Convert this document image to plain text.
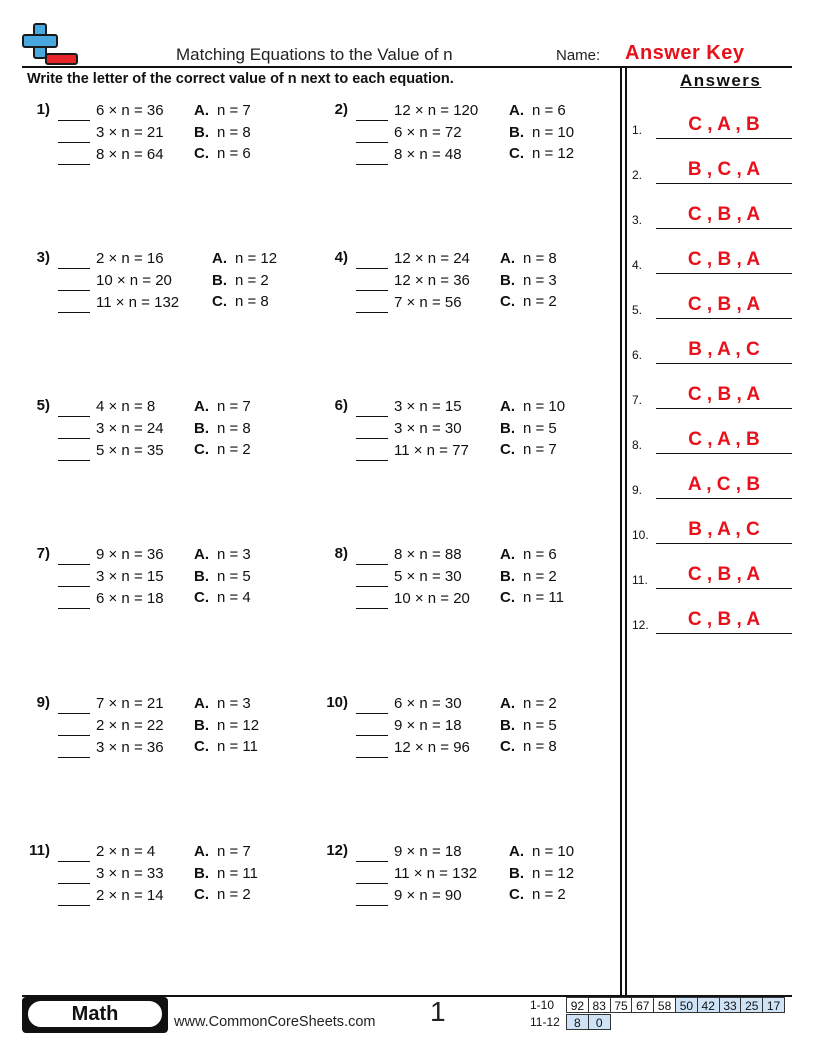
Matching Equations to the Value of n	Name: Answer Key
Write the letter of the correct value of n next to each equation.	Answers
1)	6 × n = 36
3 × n = 21
8 × n = 64
A. n = 7
B. n = 8
C. n = 6
2)	12 × n = 120
6 × n = 72
8 × n = 48
A. n = 6
B. n = 10
C. n = 12
3)	2 × n = 16
10 × n = 20
11 × n = 132
A. n = 12
B. n = 2
C. n = 8
4)	12 × n = 24
12 × n = 36
7 × n = 56
A. n = 8
B. n = 3
C. n = 2
5)	4 × n = 8
3 × n = 24
5 × n = 35
A. n = 7
B. n = 8
C. n = 2
6)	3 × n = 15
3 × n = 30
11 × n = 77
A. n = 10
B. n = 5
C. n = 7
7)	9 × n = 36
3 × n = 15
6 × n = 18
A. n = 3
B. n = 5
C. n = 4
8)	8 × n = 88
5 × n = 30
10 × n = 20
A. n = 6
B. n = 2
C. n = 11
9)	7 × n = 21
2 × n = 22
3 × n = 36
A. n = 3
B. n = 12
C. n = 11
10)	6 × n = 30
9 × n = 18
12 × n = 96
A. n = 2
B. n = 5
C. n = 8
11)	2 × n = 4
3 × n = 33
2 × n = 14
A. n = 7
B. n = 11
C. n = 2
12)	9 × n = 18
11 × n = 132
9 × n = 90
A. n = 10
B. n = 12
C. n = 2
1.	C , A , B
2.	B , C , A
3.	C , B , A
4.	C , B , A
5.	C , B , A
6.	B , A , C
7.	C , B , A
8.	C , A , B
9.	A , C , B
10.	B , A , C
11.	C , B , A
12.	C , B , A
Math	www.CommonCoreSheets.com 1	1-10	92 83 75 67 58 50 42 33 25 17
11-12	8	0
